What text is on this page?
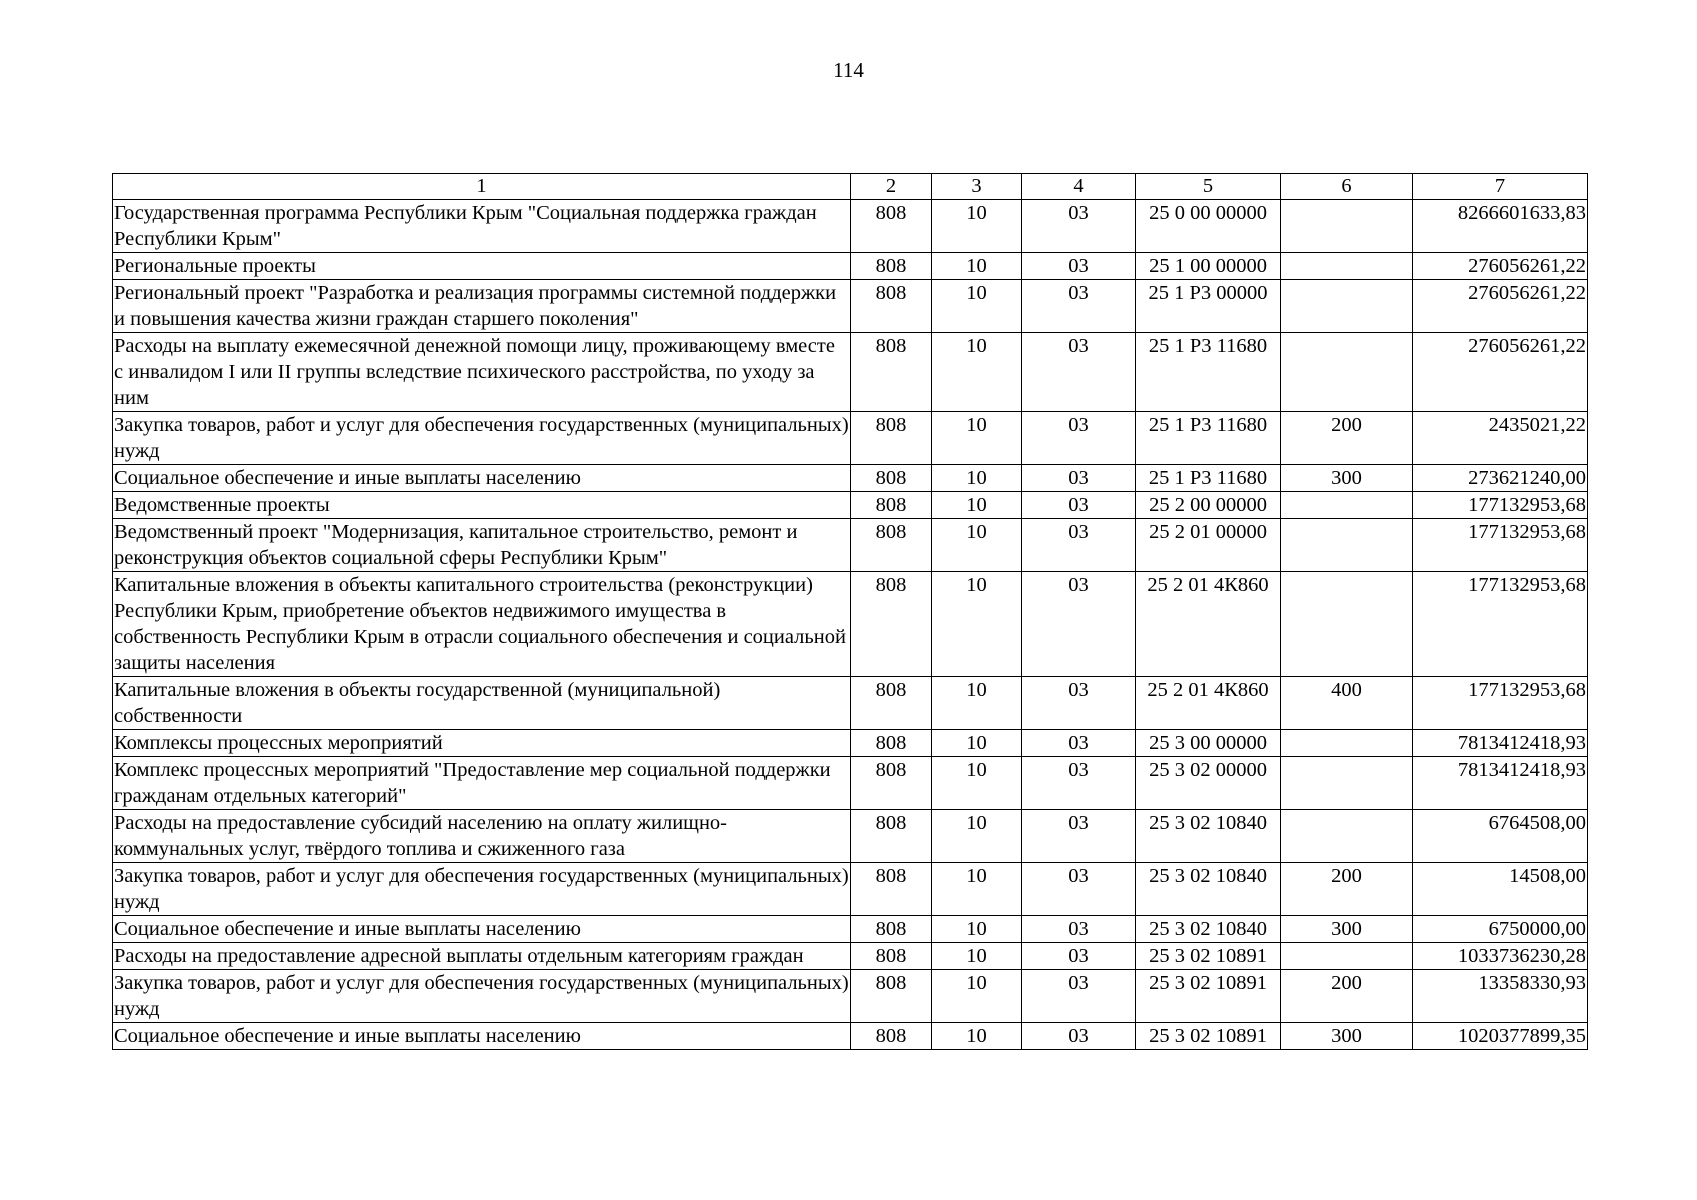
114
1	2	3	4	5	6	7
Государственная программа Республики Крым "Социальная поддержка граждан Республики Крым"	808	10	03	25 0 00 00000		8266601633,83
Региональные проекты	808	10	03	25 1 00 00000		276056261,22
Региональный проект "Разработка и реализация программы системной поддержки и повышения качества жизни граждан старшего поколения"	808	10	03	25 1 P3 00000		276056261,22
Расходы на выплату ежемесячной денежной помощи лицу, проживающему вместе с инвалидом I или II группы вследствие психического расстройства, по уходу за ним	808	10	03	25 1 P3 11680		276056261,22
Закупка товаров, работ и услуг для обеспечения государственных (муниципальных) нужд	808	10	03	25 1 P3 11680	200	2435021,22
Социальное обеспечение и иные выплаты населению	808	10	03	25 1 P3 11680	300	273621240,00
Ведомственные проекты	808	10	03	25 2 00 00000		177132953,68
Ведомственный проект "Модернизация, капитальное строительство, ремонт и реконструкция объектов социальной сферы Республики Крым"	808	10	03	25 2 01 00000		177132953,68
Капитальные вложения в объекты капитального строительства (реконструкции) Республики Крым, приобретение объектов недвижимого имущества в собственность Республики Крым в отрасли социального обеспечения и социальной защиты населения	808	10	03	25 2 01 4К860		177132953,68
Капитальные вложения в объекты государственной (муниципальной) собственности	808	10	03	25 2 01 4К860	400	177132953,68
Комплексы процессных мероприятий	808	10	03	25 3 00 00000		7813412418,93
Комплекс процессных мероприятий "Предоставление мер социальной поддержки гражданам отдельных категорий"	808	10	03	25 3 02 00000		7813412418,93
Расходы на предоставление субсидий населению на оплату жилищно-коммунальных услуг, твёрдого топлива и сжиженного газа	808	10	03	25 3 02 10840		6764508,00
Закупка товаров, работ и услуг для обеспечения государственных (муниципальных) нужд	808	10	03	25 3 02 10840	200	14508,00
Социальное обеспечение и иные выплаты населению	808	10	03	25 3 02 10840	300	6750000,00
Расходы на предоставление адресной выплаты отдельным категориям граждан	808	10	03	25 3 02 10891		1033736230,28
Закупка товаров, работ и услуг для обеспечения государственных (муниципальных) нужд	808	10	03	25 3 02 10891	200	13358330,93
Социальное обеспечение и иные выплаты населению	808	10	03	25 3 02 10891	300	1020377899,35
